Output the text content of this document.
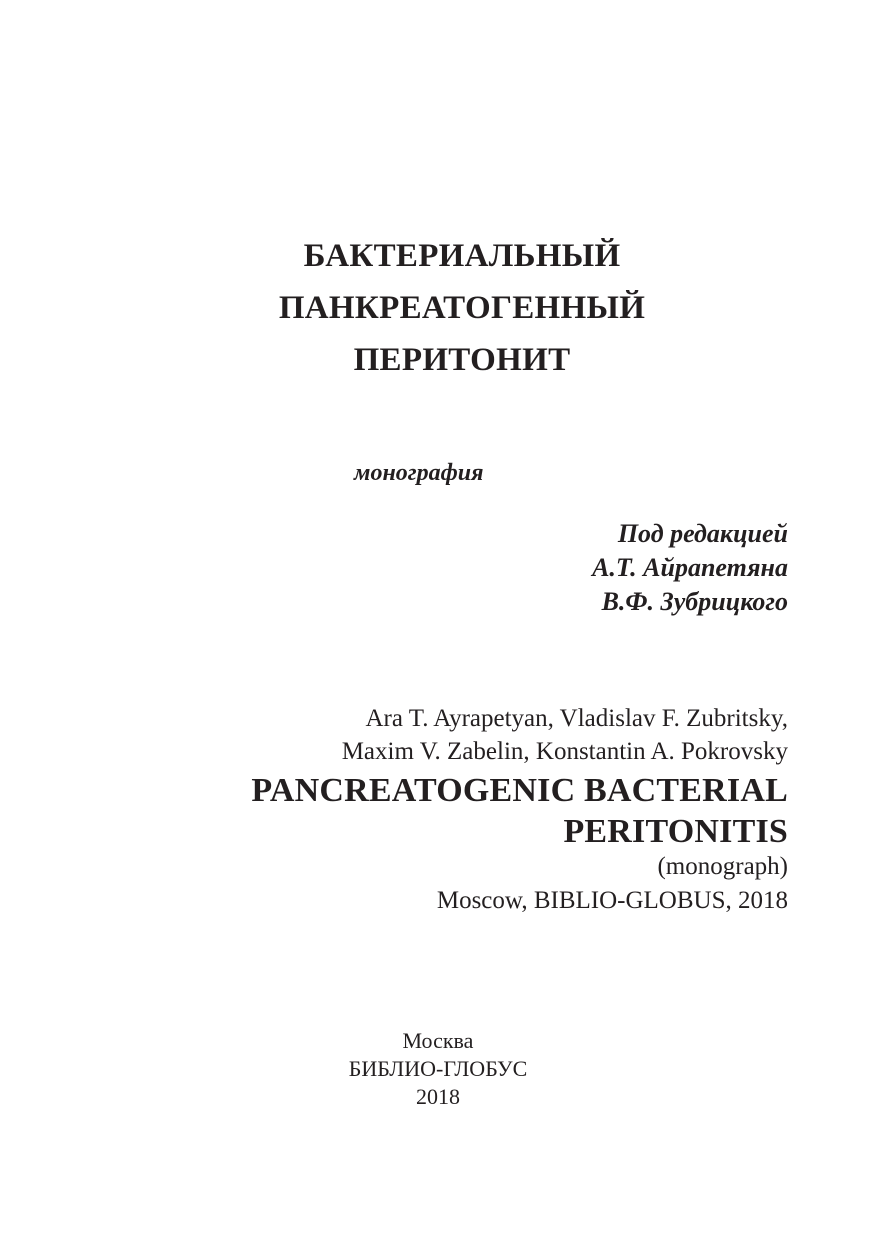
БАКТЕРИАЛЬНЫЙ
ПАНКРЕАТОГЕННЫЙ
ПЕРИТОНИТ
монография
Под редакцией
А.Т. Айрапетяна
В.Ф. Зубрицкого
Ara T. Ayrapetyan, Vladislav F. Zubritsky,
Maxim V. Zabelin, Konstantin A. Pokrovsky
PANCREATOGENIC BACTERIAL
PERITONITIS
(monograph)
Moscow, BIBLIO-GLOBUS, 2018
Москва
БИБЛИО-ГЛОБУС
2018
